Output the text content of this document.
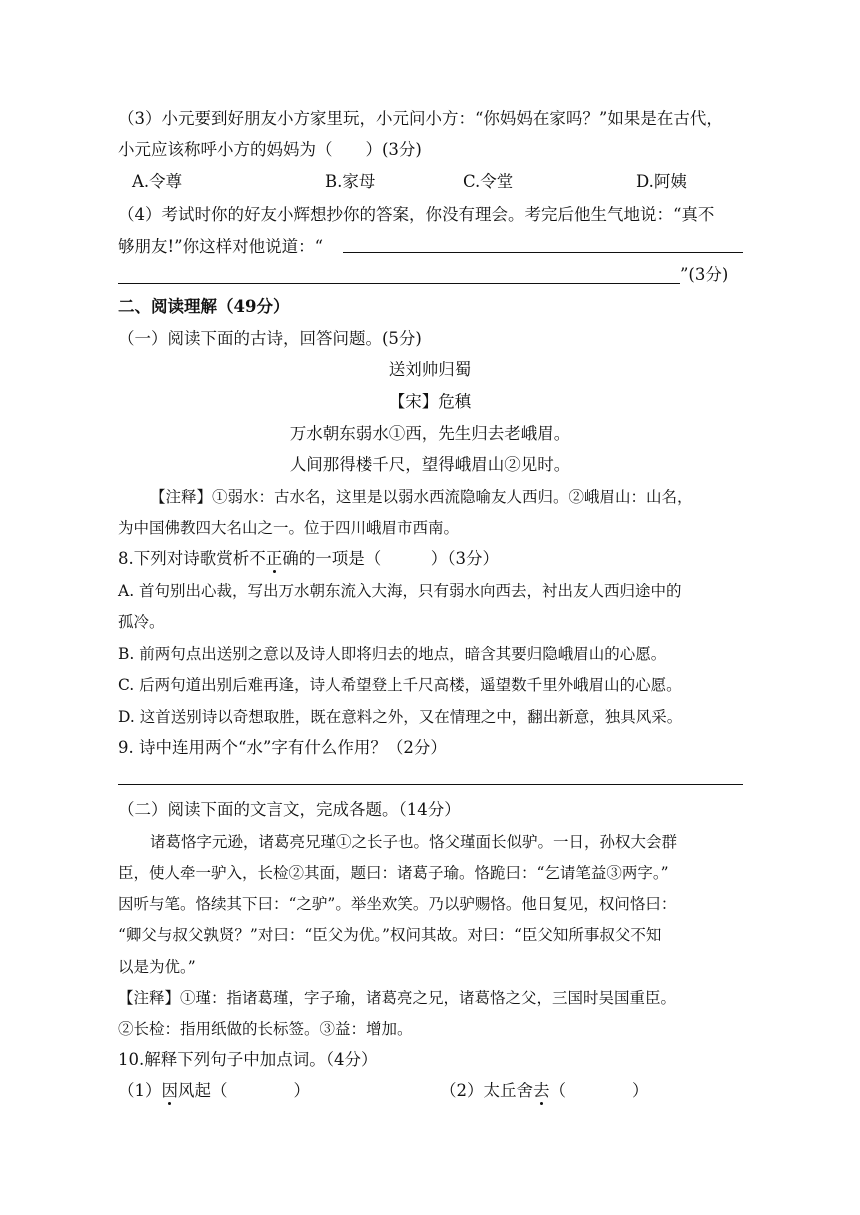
（3）小元要到好朋友小方家里玩，小元问小方：“你妈妈在家吗？”如果是在古代，
小元应该称呼小方的妈妈为（　　）(3分)
A.令尊	B.家母	C.令堂	D.阿姨
（4）考试时你的好友小辉想抄你的答案，你没有理会。考完后他生气地说：“真不
够朋友!”你这样对他说道：“
”(3分)
二、阅读理解（49分）
（一）阅读下面的古诗，回答问题。(5分)
送刘帅归蜀
【宋】危稹
万水朝东弱水①西，先生归去老峨眉。
人间那得楼千尺，望得峨眉山②见时。
【注释】①弱水：古水名，这里是以弱水西流隐喻友人西归。②峨眉山：山名，
为中国佛教四大名山之一。位于四川峨眉市西南。
8.下列对诗歌赏析不正确的一项是（　　　）（3分）
A. 首句别出心裁，写出万水朝东流入大海，只有弱水向西去，衬出友人西归途中的
孤冷。
B. 前两句点出送别之意以及诗人即将归去的地点，暗含其要归隐峨眉山的心愿。
C. 后两句道出别后难再逢，诗人希望登上千尺高楼，遥望数千里外峨眉山的心愿。
D. 这首送别诗以奇想取胜，既在意料之外，又在情理之中，翻出新意，独具风采。
9. 诗中连用两个“水”字有什么作用？（2分）
（二）阅读下面的文言文，完成各题。（14分）
诸葛恪字元逊，诸葛亮兄瑾①之长子也。恪父瑾面长似驴。一日，孙权大会群
臣，使人牵一驴入，长检②其面，题曰：诸葛子瑜。恪跪曰：“乞请笔益③两字。”
因听与笔。恪续其下曰：“之驴”。举坐欢笑。乃以驴赐恪。他日复见，权问恪曰：
“卿父与叔父孰贤？”对曰：“臣父为优。”权问其故。对曰：“臣父知所事叔父不知
以是为优。”
【注释】①瑾：指诸葛瑾，字子瑜，诸葛亮之兄，诸葛恪之父，三国时吴国重臣。
②长检：指用纸做的长标签。③益：增加。
10.解释下列句子中加点词。（4分）
（1）因风起（　　　　）	（2）太丘舍去（　　　　）
